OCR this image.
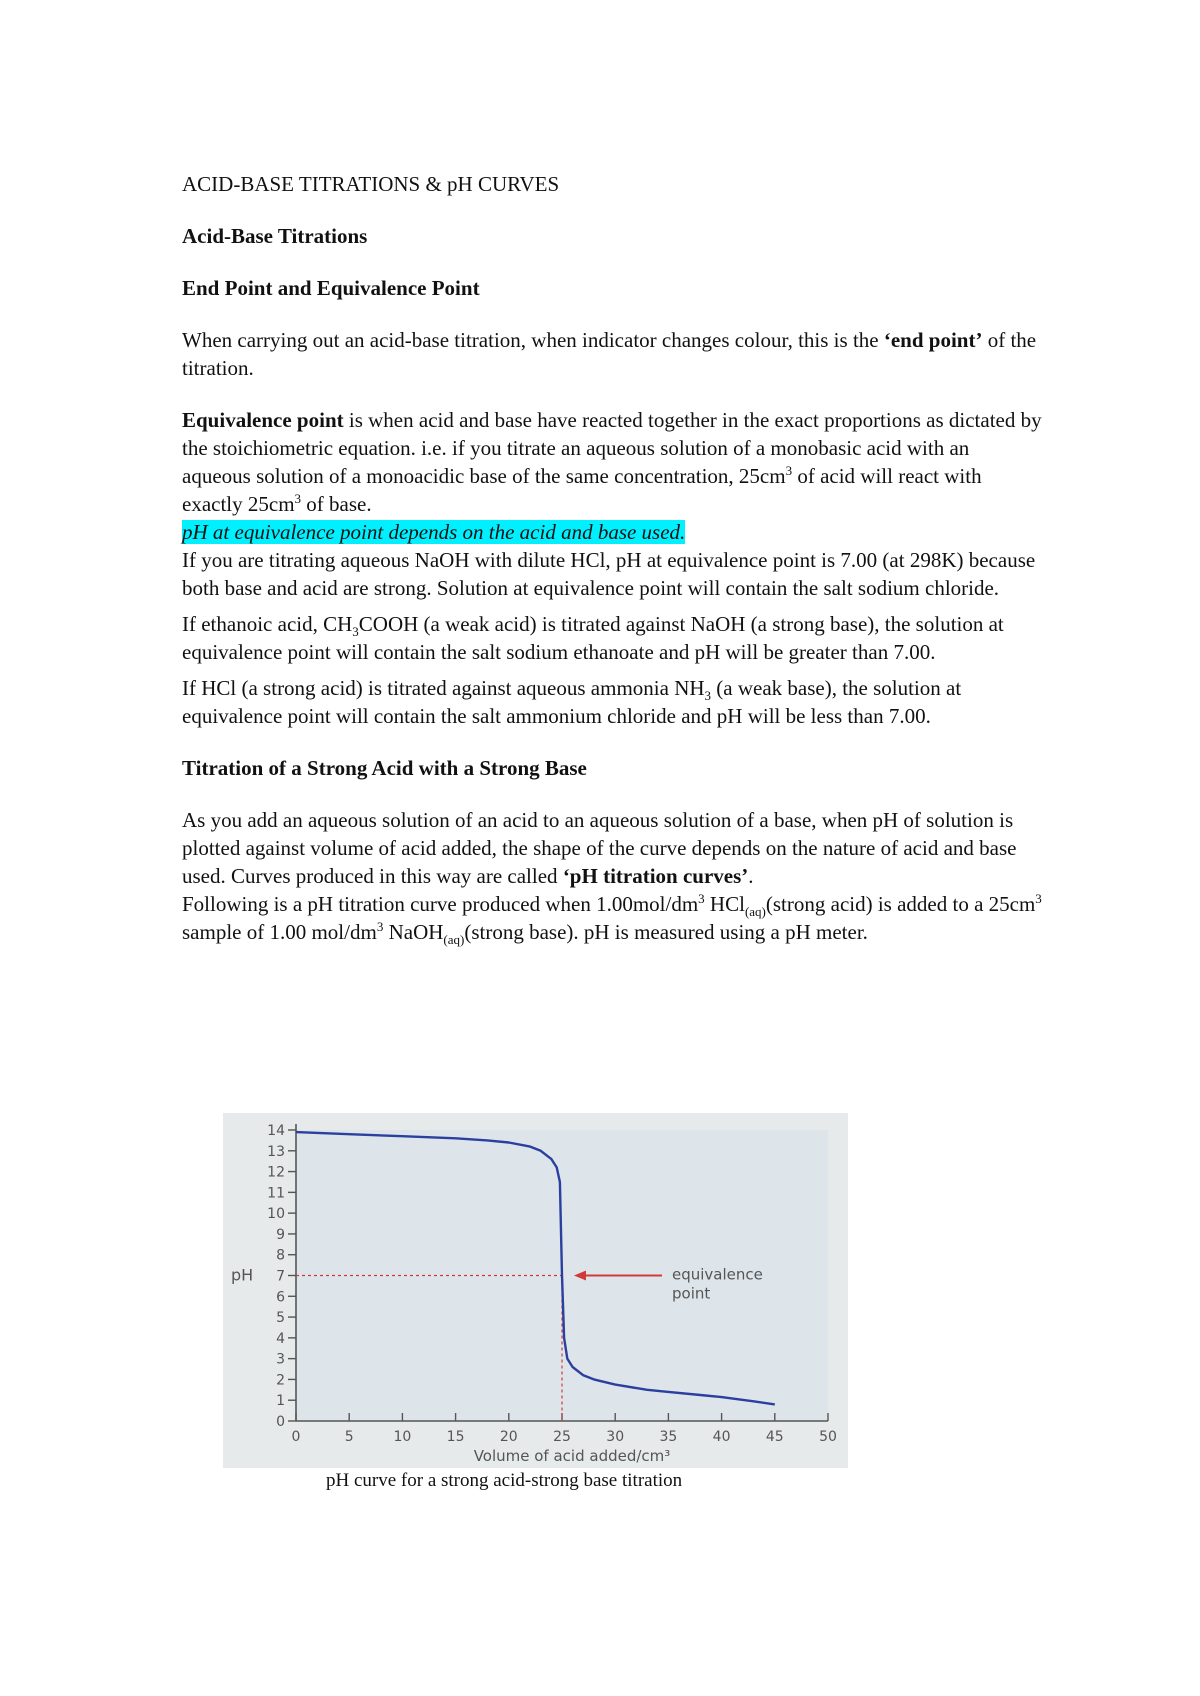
ACID-BASE TITRATIONS & pH CURVES
Acid-Base Titrations
End Point and Equivalence Point

When carrying out an acid-base titration, when indicator changes colour, this is the ‘end point’ of the titration.

Equivalence point is when acid and base have reacted together in the exact proportions as dictated by the stoichiometric equation. i.e. if you titrate an aqueous solution of a monobasic acid with an aqueous solution of a monoacidic base of the same concentration, $25cm^3$ of acid will react with exactly $25cm^3$ of base.

pH at equivalence point depends on the acid and base used.

If you are titrating aqueous NaOH with dilute HCl, pH at equivalence point is 7.00 (at 298K) because both base and acid are strong. Solution at equivalence point will contain the salt sodium chloride.

If ethanoic acid, $CH_3COOH$ (a weak acid) is titrated against NaOH (a strong base), the solution at equivalence point will contain the salt sodium ethanoate and pH will be greater than 7.00.

If HCl (a strong acid) is titrated against aqueous ammonia $NH_3$ (a weak base), the solution at equivalence point will contain the salt ammonium chloride and pH will be less than 7.00.

Titration of a Strong Acid with a Strong Base

As you add an aqueous solution of an acid to an aqueous solution of a base, when pH of solution is plotted against volume of acid added, the shape of the curve depends on the nature of acid and base used. Curves produced in this way are called ‘pH titration curves’.

Following is a pH titration curve produced when $1.00mol/dm^3$ HCl$_{(aq)}$(strong acid) is added to a $25cm^3$ sample of 1.00 mol/$dm^3$ NaOH$_{(aq)}$(strong base). pH is measured using a pH meter.

0
1
2
3
4
5
6
7
8
9
10
11
12
13
14
0	5	10	15	20	25	30	35	40	45	50
pH
Volume of acid added/cm³
equivalence
point
pH curve for a strong acid-strong base titration
